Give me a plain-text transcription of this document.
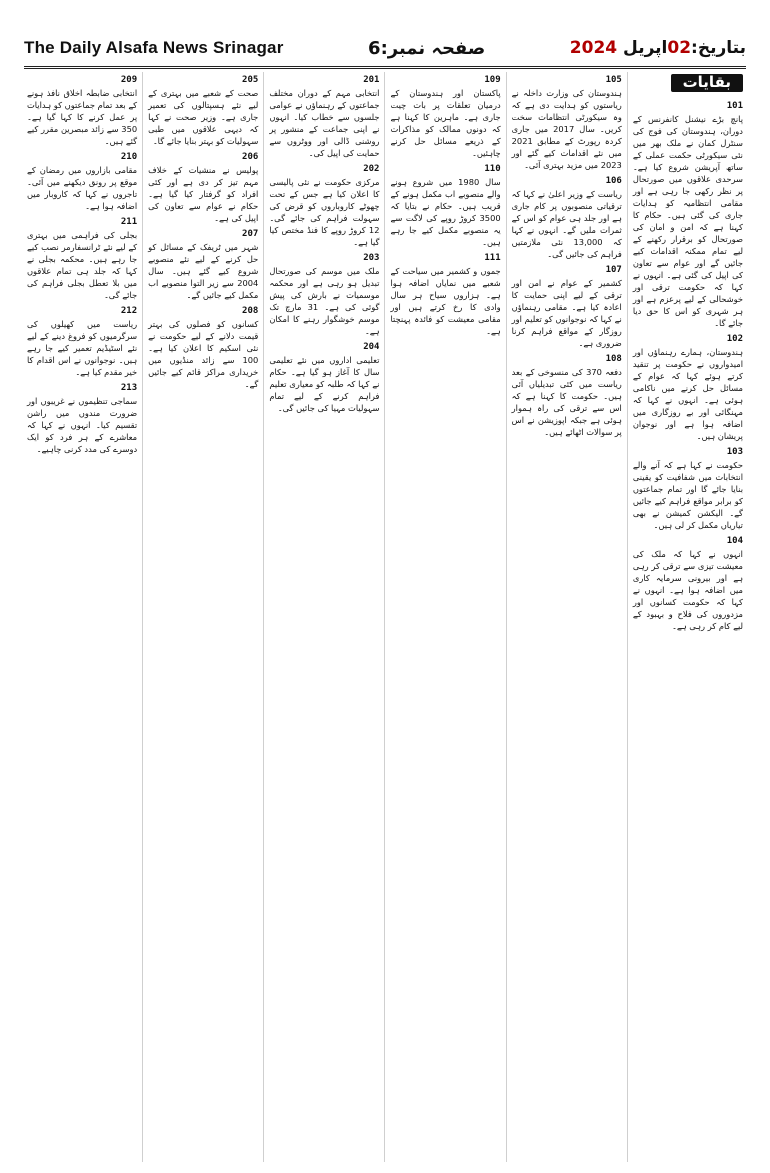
The Daily Alsafa News Srinagar	صفحہ نمبر:6	بتاریخ:02اپریل 2024
بقایات
101

پانچ بڑے نیشنل کانفرنس کے دوران، ہندوستان کی فوج کی سنٹرل کمان نے ملک بھر میں نئی سیکورٹی حکمت عملی کے ساتھ آپریشن شروع کیا ہے۔ سرحدی علاقوں میں صورتحال پر نظر رکھی جا رہی ہے اور مقامی انتظامیہ کو ہدایات جاری کی گئی ہیں۔ حکام کا کہنا ہے کہ امن و امان کی صورتحال کو برقرار رکھنے کے لیے تمام ممکنہ اقدامات کیے جائیں گے اور عوام سے تعاون کی اپیل کی گئی ہے۔ انہوں نے کہا کہ حکومت ترقی اور خوشحالی کے لیے پرعزم ہے اور ہر شہری کو اس کا حق دیا جائے گا۔

102

ہندوستان، ہمارے رہنماؤں اور امیدواروں نے حکومت پر تنقید کرتے ہوئے کہا کہ عوام کے مسائل حل کرنے میں ناکامی ہوئی ہے۔ انہوں نے کہا کہ مہنگائی اور بے روزگاری میں اضافہ ہوا ہے اور نوجوان پریشان ہیں۔

103

حکومت نے کہا ہے کہ آنے والے انتخابات میں شفافیت کو یقینی بنایا جائے گا اور تمام جماعتوں کو برابر مواقع فراہم کیے جائیں گے۔ الیکشن کمیشن نے بھی تیاریاں مکمل کر لی ہیں۔

104

انہوں نے کہا کہ ملک کی معیشت تیزی سے ترقی کر رہی ہے اور بیرونی سرمایہ کاری میں اضافہ ہوا ہے۔ انہوں نے کہا کہ حکومت کسانوں اور مزدوروں کی فلاح و بہبود کے لیے کام کر رہی ہے۔

105

ہندوستان کی وزارت داخلہ نے ریاستوں کو ہدایت دی ہے کہ وہ سیکورٹی انتظامات سخت کریں۔ سال 2017 میں جاری کردہ رپورٹ کے مطابق 2021 میں نئے اقدامات کیے گئے اور 2023 میں مزید بہتری آئی۔

106

ریاست کے وزیر اعلیٰ نے کہا کہ ترقیاتی منصوبوں پر کام جاری ہے اور جلد ہی عوام کو اس کے ثمرات ملیں گے۔ انہوں نے کہا کہ 13,000 نئی ملازمتیں فراہم کی جائیں گی۔

107

کشمیر کے عوام نے امن اور ترقی کے لیے اپنی حمایت کا اعادہ کیا ہے۔ مقامی رہنماؤں نے کہا کہ نوجوانوں کو تعلیم اور روزگار کے مواقع فراہم کرنا ضروری ہے۔

108

دفعہ 370 کی منسوخی کے بعد ریاست میں کئی تبدیلیاں آئی ہیں۔ حکومت کا کہنا ہے کہ اس سے ترقی کی راہ ہموار ہوئی ہے جبکہ اپوزیشن نے اس پر سوالات اٹھائے ہیں۔

109

پاکستان اور ہندوستان کے درمیان تعلقات پر بات چیت جاری ہے۔ ماہرین کا کہنا ہے کہ دونوں ممالک کو مذاکرات کے ذریعے مسائل حل کرنے چاہئیں۔

110

سال 1980 میں شروع ہونے والے منصوبے اب مکمل ہونے کے قریب ہیں۔ حکام نے بتایا کہ 3500 کروڑ روپے کی لاگت سے یہ منصوبے مکمل کیے جا رہے ہیں۔

111

جموں و کشمیر میں سیاحت کے شعبے میں نمایاں اضافہ ہوا ہے۔ ہزاروں سیاح ہر سال وادی کا رخ کرتے ہیں اور مقامی معیشت کو فائدہ پہنچتا ہے۔

201

انتخابی مہم کے دوران مختلف جماعتوں کے رہنماؤں نے عوامی جلسوں سے خطاب کیا۔ انہوں نے اپنی جماعت کے منشور پر روشنی ڈالی اور ووٹروں سے حمایت کی اپیل کی۔

202

مرکزی حکومت نے نئی پالیسی کا اعلان کیا ہے جس کے تحت چھوٹے کاروباروں کو قرض کی سہولت فراہم کی جائے گی۔ 12 کروڑ روپے کا فنڈ مختص کیا گیا ہے۔

203

ملک میں موسم کی صورتحال تبدیل ہو رہی ہے اور محکمہ موسمیات نے بارش کی پیش گوئی کی ہے۔ 31 مارچ تک موسم خوشگوار رہنے کا امکان ہے۔

204

تعلیمی اداروں میں نئے تعلیمی سال کا آغاز ہو گیا ہے۔ حکام نے کہا کہ طلبہ کو معیاری تعلیم فراہم کرنے کے لیے تمام سہولیات مہیا کی جائیں گی۔

205

صحت کے شعبے میں بہتری کے لیے نئے ہسپتالوں کی تعمیر جاری ہے۔ وزیر صحت نے کہا کہ دیہی علاقوں میں طبی سہولیات کو بہتر بنایا جائے گا۔

206

پولیس نے منشیات کے خلاف مہم تیز کر دی ہے اور کئی افراد کو گرفتار کیا گیا ہے۔ حکام نے عوام سے تعاون کی اپیل کی ہے۔

207

شہر میں ٹریفک کے مسائل کو حل کرنے کے لیے نئے منصوبے شروع کیے گئے ہیں۔ سال 2004 سے زیر التوا منصوبے اب مکمل کیے جائیں گے۔

208

کسانوں کو فصلوں کی بہتر قیمت دلانے کے لیے حکومت نے نئی اسکیم کا اعلان کیا ہے۔ 100 سے زائد منڈیوں میں خریداری مراکز قائم کیے جائیں گے۔

209

انتخابی ضابطہ اخلاق نافذ ہونے کے بعد تمام جماعتوں کو ہدایات پر عمل کرنے کا کہا گیا ہے۔ 350 سے زائد مبصرین مقرر کیے گئے ہیں۔

210

مقامی بازاروں میں رمضان کے موقع پر رونق دیکھنے میں آئی۔ تاجروں نے کہا کہ کاروبار میں اضافہ ہوا ہے۔

211

بجلی کی فراہمی میں بہتری کے لیے نئے ٹرانسفارمر نصب کیے جا رہے ہیں۔ محکمہ بجلی نے کہا کہ جلد ہی تمام علاقوں میں بلا تعطل بجلی فراہم کی جائے گی۔

212

ریاست میں کھیلوں کی سرگرمیوں کو فروغ دینے کے لیے نئے اسٹیڈیم تعمیر کیے جا رہے ہیں۔ نوجوانوں نے اس اقدام کا خیر مقدم کیا ہے۔

213

سماجی تنظیموں نے غریبوں اور ضرورت مندوں میں راشن تقسیم کیا۔ انہوں نے کہا کہ معاشرے کے ہر فرد کو ایک دوسرے کی مدد کرنی چاہیے۔
